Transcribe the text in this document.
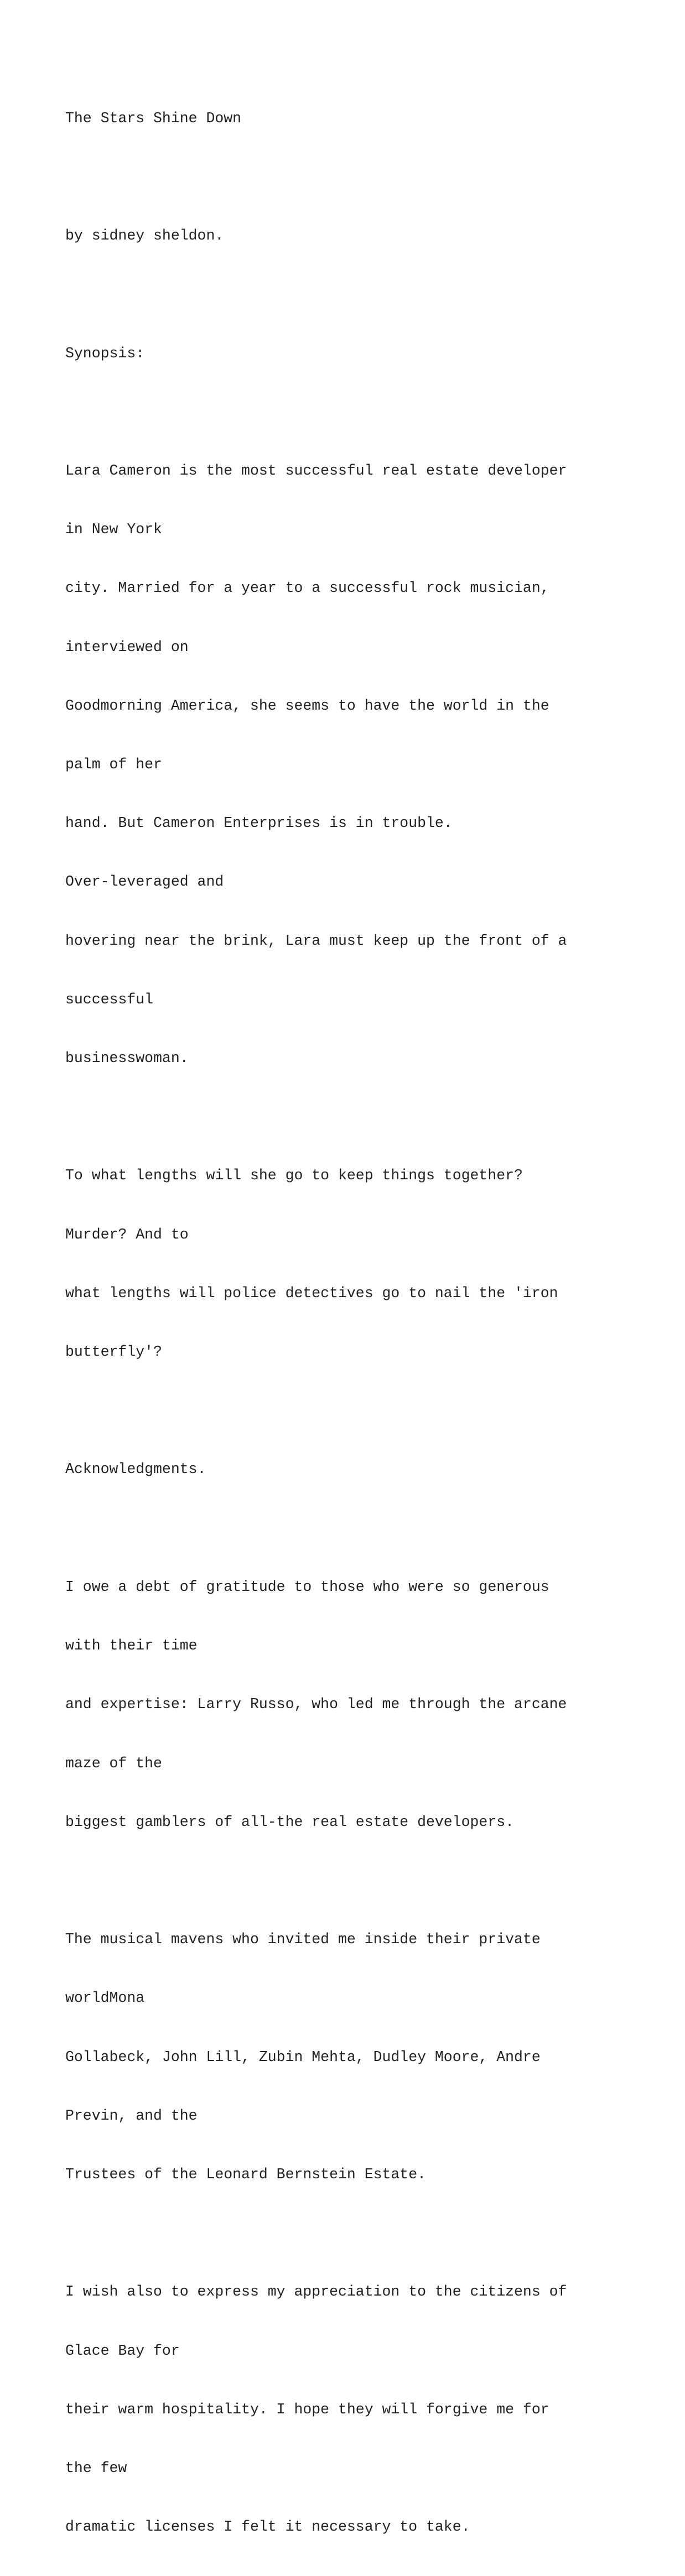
The Stars Shine Down

by sidney sheldon.

Synopsis:

Lara Cameron is the most successful real estate developer

in New York

city. Married for a year to a successful rock musician,

interviewed on

Goodmorning America, she seems to have the world in the

palm of her

hand. But Cameron Enterprises is in trouble.

Over-leveraged and

hovering near the brink, Lara must keep up the front of a

successful

businesswoman.

To what lengths will she go to keep things together?

Murder? And to

what lengths will police detectives go to nail the 'iron

butterfly'?

Acknowledgments.

I owe a debt of gratitude to those who were so generous

with their time

and expertise: Larry Russo, who led me through the arcane

maze of the

biggest gamblers of all-the real estate developers.

The musical mavens who invited me inside their private

worldMona

Gollabeck, John Lill, Zubin Mehta, Dudley Moore, Andre

Previn, and the

Trustees of the Leonard Bernstein Estate.

I wish also to express my appreciation to the citizens of

Glace Bay for

their warm hospitality. I hope they will forgive me for

the few

dramatic licenses I felt it necessary to take.
